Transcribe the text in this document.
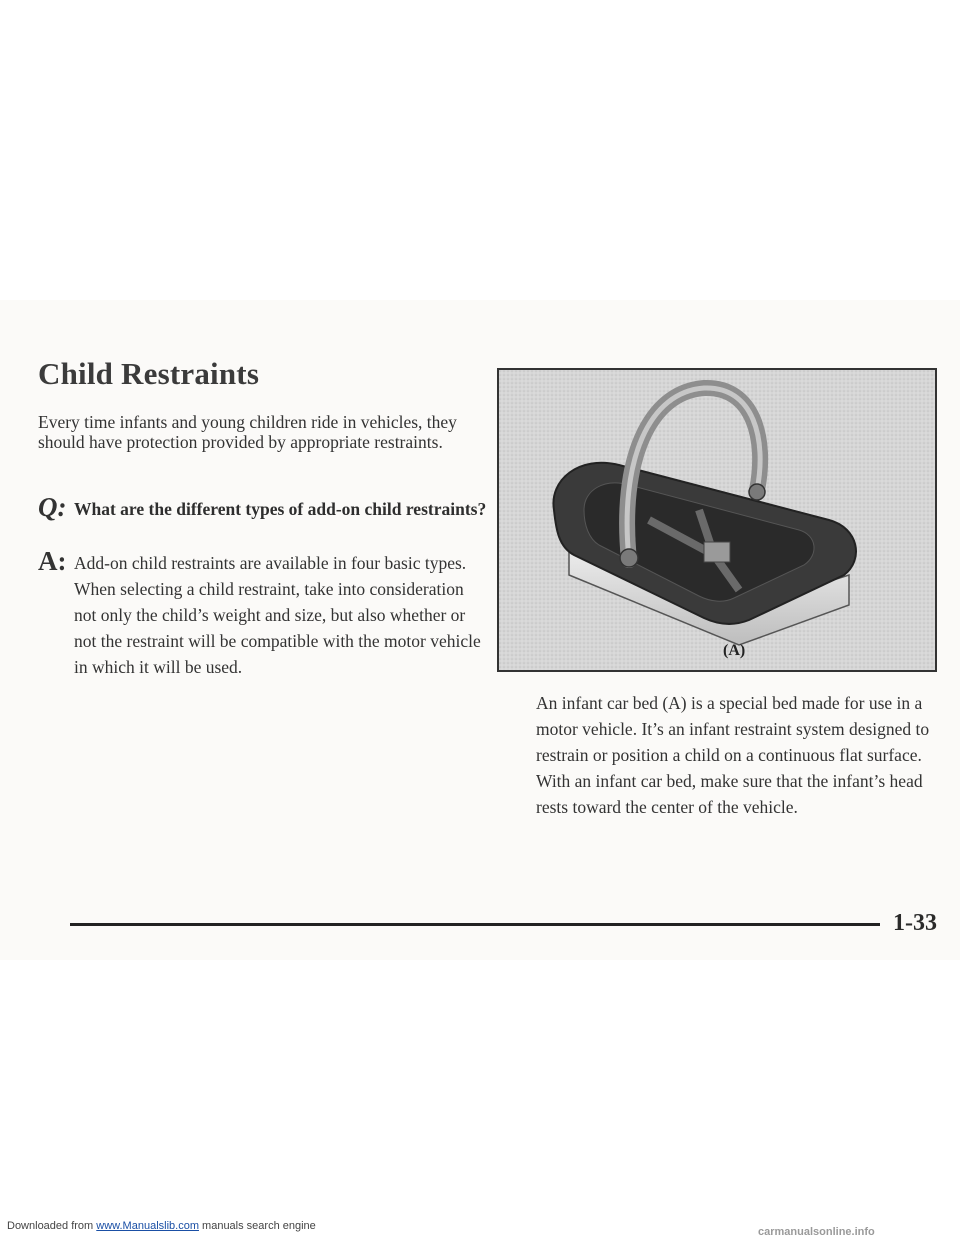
Child Restraints

Every time infants and young children ride in vehicles, they should have protection provided by appropriate restraints.

Q: What are the different types of add-on child restraints?

A: Add-on child restraints are available in four basic types. When selecting a child restraint, take into consideration not only the child’s weight and size, but also whether or not the restraint will be compatible with the motor vehicle in which it will be used.

(A)

An infant car bed (A) is a special bed made for use in a motor vehicle. It’s an infant restraint system designed to restrain or position a child on a continuous flat surface. With an infant car bed, make sure that the infant’s head rests toward the center of the vehicle.

1-33
Downloaded from www.Manualslib.com manuals search engine	carmanualsonline.info
